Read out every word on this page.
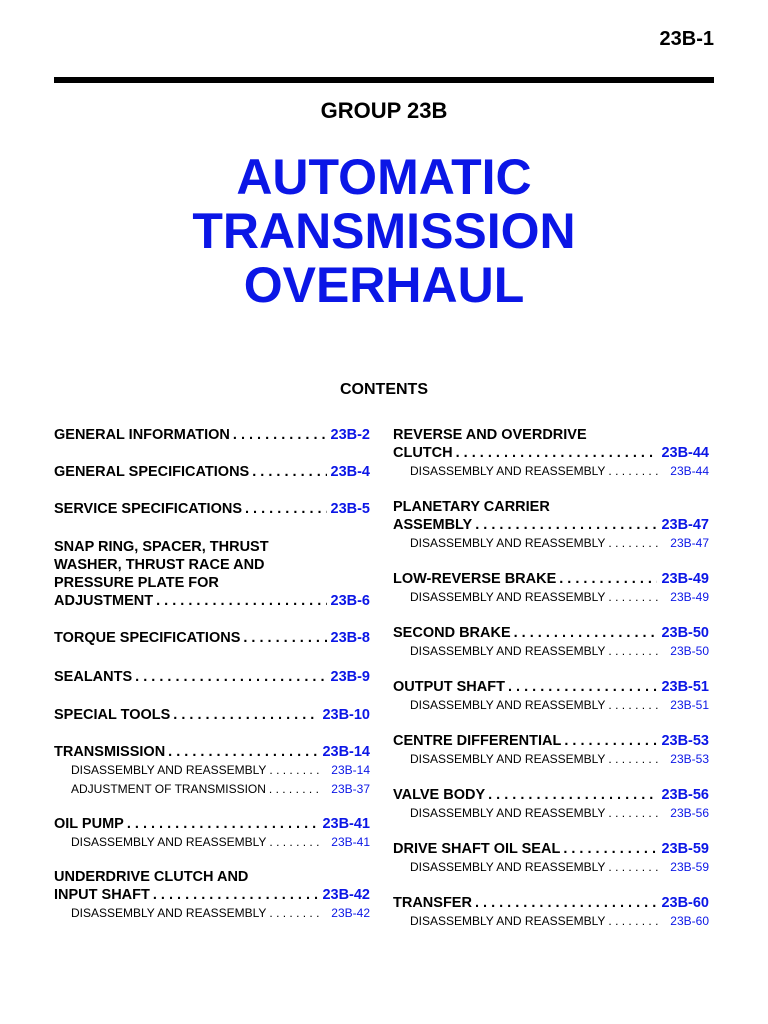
23B-1
GROUP 23B
AUTOMATIC
TRANSMISSION
OVERHAUL
CONTENTS
GENERAL INFORMATION . . .	23B-2
GENERAL SPECIFICATIONS . . .	23B-4
SERVICE SPECIFICATIONS . . .	23B-5
SNAP RING, SPACER, THRUST
WASHER, THRUST RACE AND
PRESSURE PLATE FOR
ADJUSTMENT . . .	23B-6
TORQUE SPECIFICATIONS . . .	23B-8
SEALANTS . . .	23B-9
SPECIAL TOOLS . . .	23B-10
TRANSMISSION . . .	23B-14
DISASSEMBLY AND REASSEMBLY . . .	23B-14
ADJUSTMENT OF TRANSMISSION . . .	23B-37
OIL PUMP . . .	23B-41
DISASSEMBLY AND REASSEMBLY . . .	23B-41
UNDERDRIVE CLUTCH AND
INPUT SHAFT . . .	23B-42
DISASSEMBLY AND REASSEMBLY . . .	23B-42
REVERSE AND OVERDRIVE
CLUTCH . . .	23B-44
DISASSEMBLY AND REASSEMBLY . . .	23B-44
PLANETARY CARRIER
ASSEMBLY . . .	23B-47
DISASSEMBLY AND REASSEMBLY . . .	23B-47
LOW-REVERSE BRAKE . . .	23B-49
DISASSEMBLY AND REASSEMBLY . . .	23B-49
SECOND BRAKE . . .	23B-50
DISASSEMBLY AND REASSEMBLY . . .	23B-50
OUTPUT SHAFT . . .	23B-51
DISASSEMBLY AND REASSEMBLY . . .	23B-51
CENTRE DIFFERENTIAL . . .	23B-53
DISASSEMBLY AND REASSEMBLY . . .	23B-53
VALVE BODY . . .	23B-56
DISASSEMBLY AND REASSEMBLY . . .	23B-56
DRIVE SHAFT OIL SEAL . . .	23B-59
DISASSEMBLY AND REASSEMBLY . . .	23B-59
TRANSFER . . .	23B-60
DISASSEMBLY AND REASSEMBLY . . .	23B-60
